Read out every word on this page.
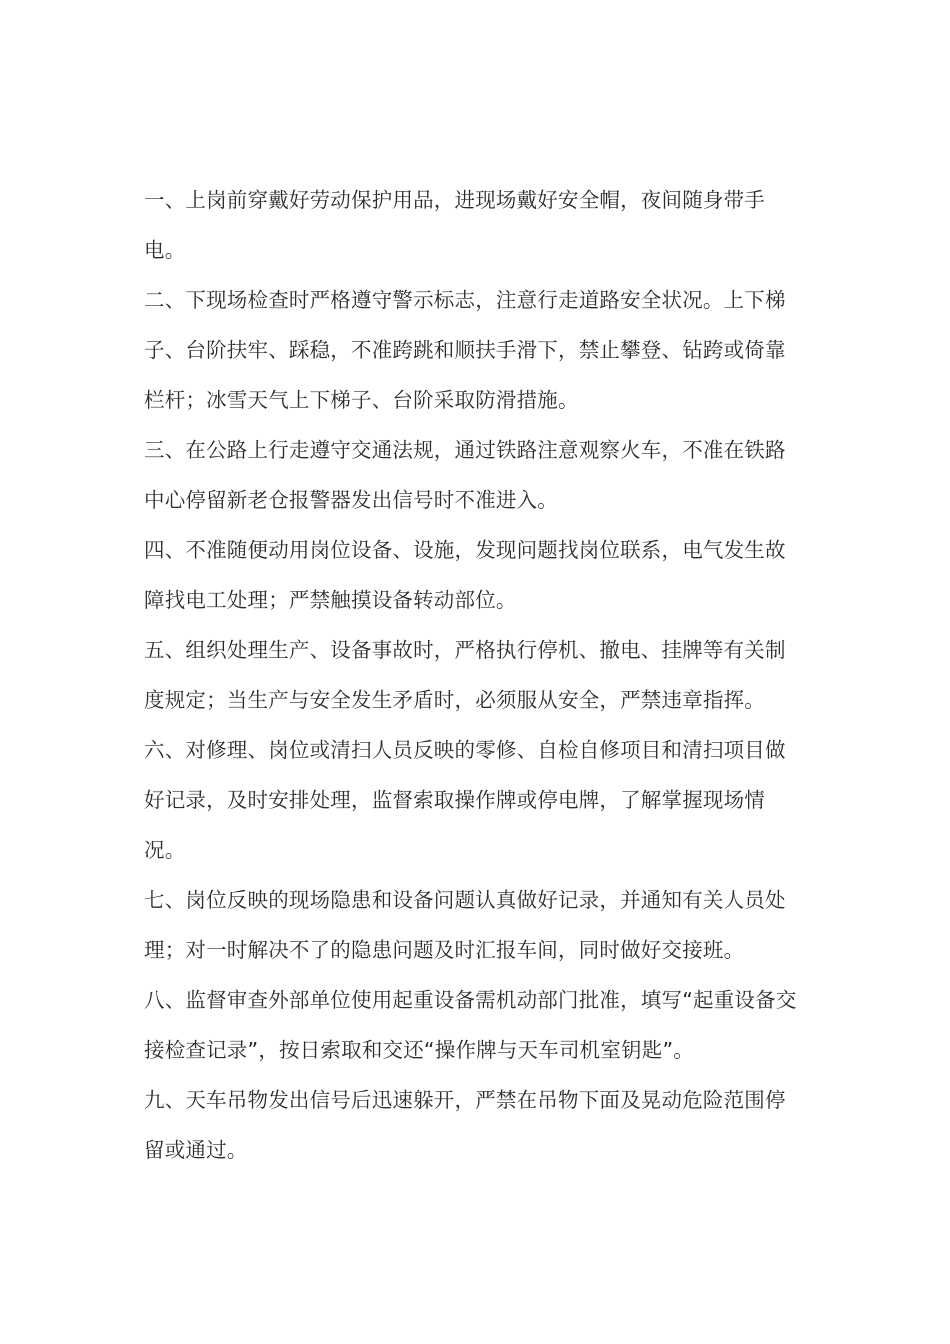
一、上岗前穿戴好劳动保护用品，进现场戴好安全帽，夜间随身带手电。

二、下现场检查时严格遵守警示标志，注意行走道路安全状况。上下梯子、台阶扶牢、踩稳，不准跨跳和顺扶手滑下，禁止攀登、钻跨或倚靠栏杆；冰雪天气上下梯子、台阶采取防滑措施。

三、在公路上行走遵守交通法规，通过铁路注意观察火车，不准在铁路中心停留新老仓报警器发出信号时不准进入。

四、不准随便动用岗位设备、设施，发现问题找岗位联系，电气发生故障找电工处理；严禁触摸设备转动部位。

五、组织处理生产、设备事故时，严格执行停机、撤电、挂牌等有关制度规定；当生产与安全发生矛盾时，必须服从安全，严禁违章指挥。

六、对修理、岗位或清扫人员反映的零修、自检自修项目和清扫项目做好记录，及时安排处理，监督索取操作牌或停电牌，了解掌握现场情况。

七、岗位反映的现场隐患和设备问题认真做好记录，并通知有关人员处理；对一时解决不了的隐患问题及时汇报车间，同时做好交接班。

八、监督审查外部单位使用起重设备需机动部门批准，填写“起重设备交接检查记录”，按日索取和交还“操作牌与天车司机室钥匙”。

九、天车吊物发出信号后迅速躲开，严禁在吊物下面及晃动危险范围停留或通过。
